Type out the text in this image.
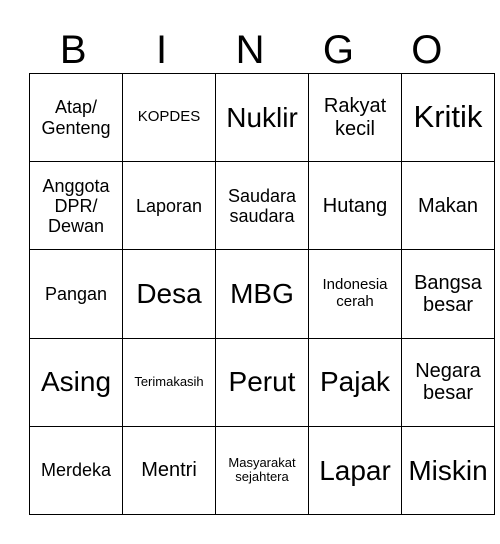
B	I	N	G	O
Atap/ Genteng	KOPDES	Nuklir	Rakyat kecil	Kritik
Anggota DPR/ Dewan	Laporan	Saudara saudara	Hutang	Makan
Pangan	Desa	MBG	Indonesia cerah	Bangsa besar
Asing	Terimakasih	Perut	Pajak	Negara besar
Merdeka	Mentri	Masyarakat sejahtera	Lapar	Miskin
